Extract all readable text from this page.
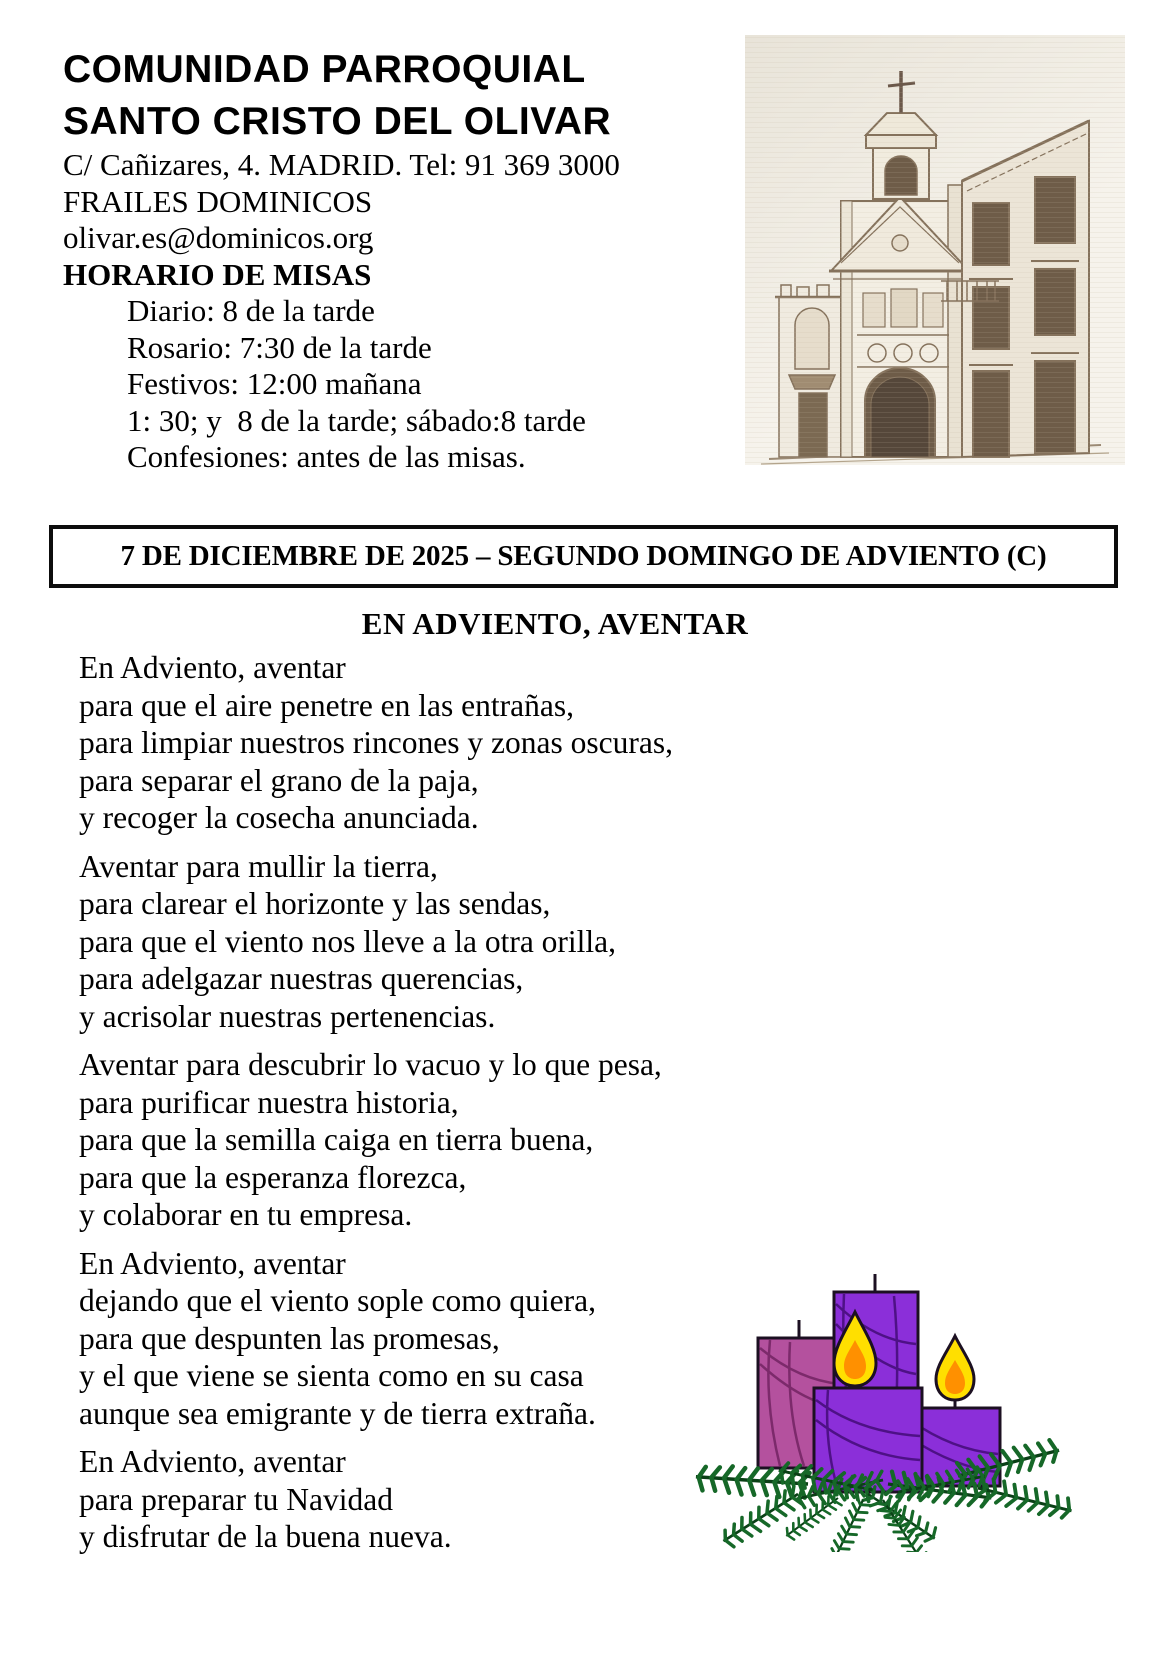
COMUNIDAD PARROQUIAL
SANTO CRISTO DEL OLIVAR
C/ Cañizares, 4. MADRID. Tel: 91 369 3000
FRAILES DOMINICOS
olivar.es@dominicos.org
HORARIO DE MISAS
Diario: 8 de la tarde
Rosario: 7:30 de la tarde
Festivos: 12:00 mañana
1: 30; y  8 de la tarde; sábado:8 tarde
Confesiones: antes de las misas.
7 DE DICIEMBRE DE 2025 – SEGUNDO DOMINGO DE ADVIENTO (C)
EN ADVIENTO, AVENTAR
En Adviento, aventar
para que el aire penetre en las entrañas,
para limpiar nuestros rincones y zonas oscuras,
para separar el grano de la paja,
y recoger la cosecha anunciada.
Aventar para mullir la tierra,
para clarear el horizonte y las sendas,
para que el viento nos lleve a la otra orilla,
para adelgazar nuestras querencias,
y acrisolar nuestras pertenencias.
Aventar para descubrir lo vacuo y lo que pesa,
para purificar nuestra historia,
para que la semilla caiga en tierra buena,
para que la esperanza florezca,
y colaborar en tu empresa.
En Adviento, aventar
dejando que el viento sople como quiera,
para que despunten las promesas,
y el que viene se sienta como en su casa
aunque sea emigrante y de tierra extraña.
En Adviento, aventar
para preparar tu Navidad
y disfrutar de la buena nueva.
